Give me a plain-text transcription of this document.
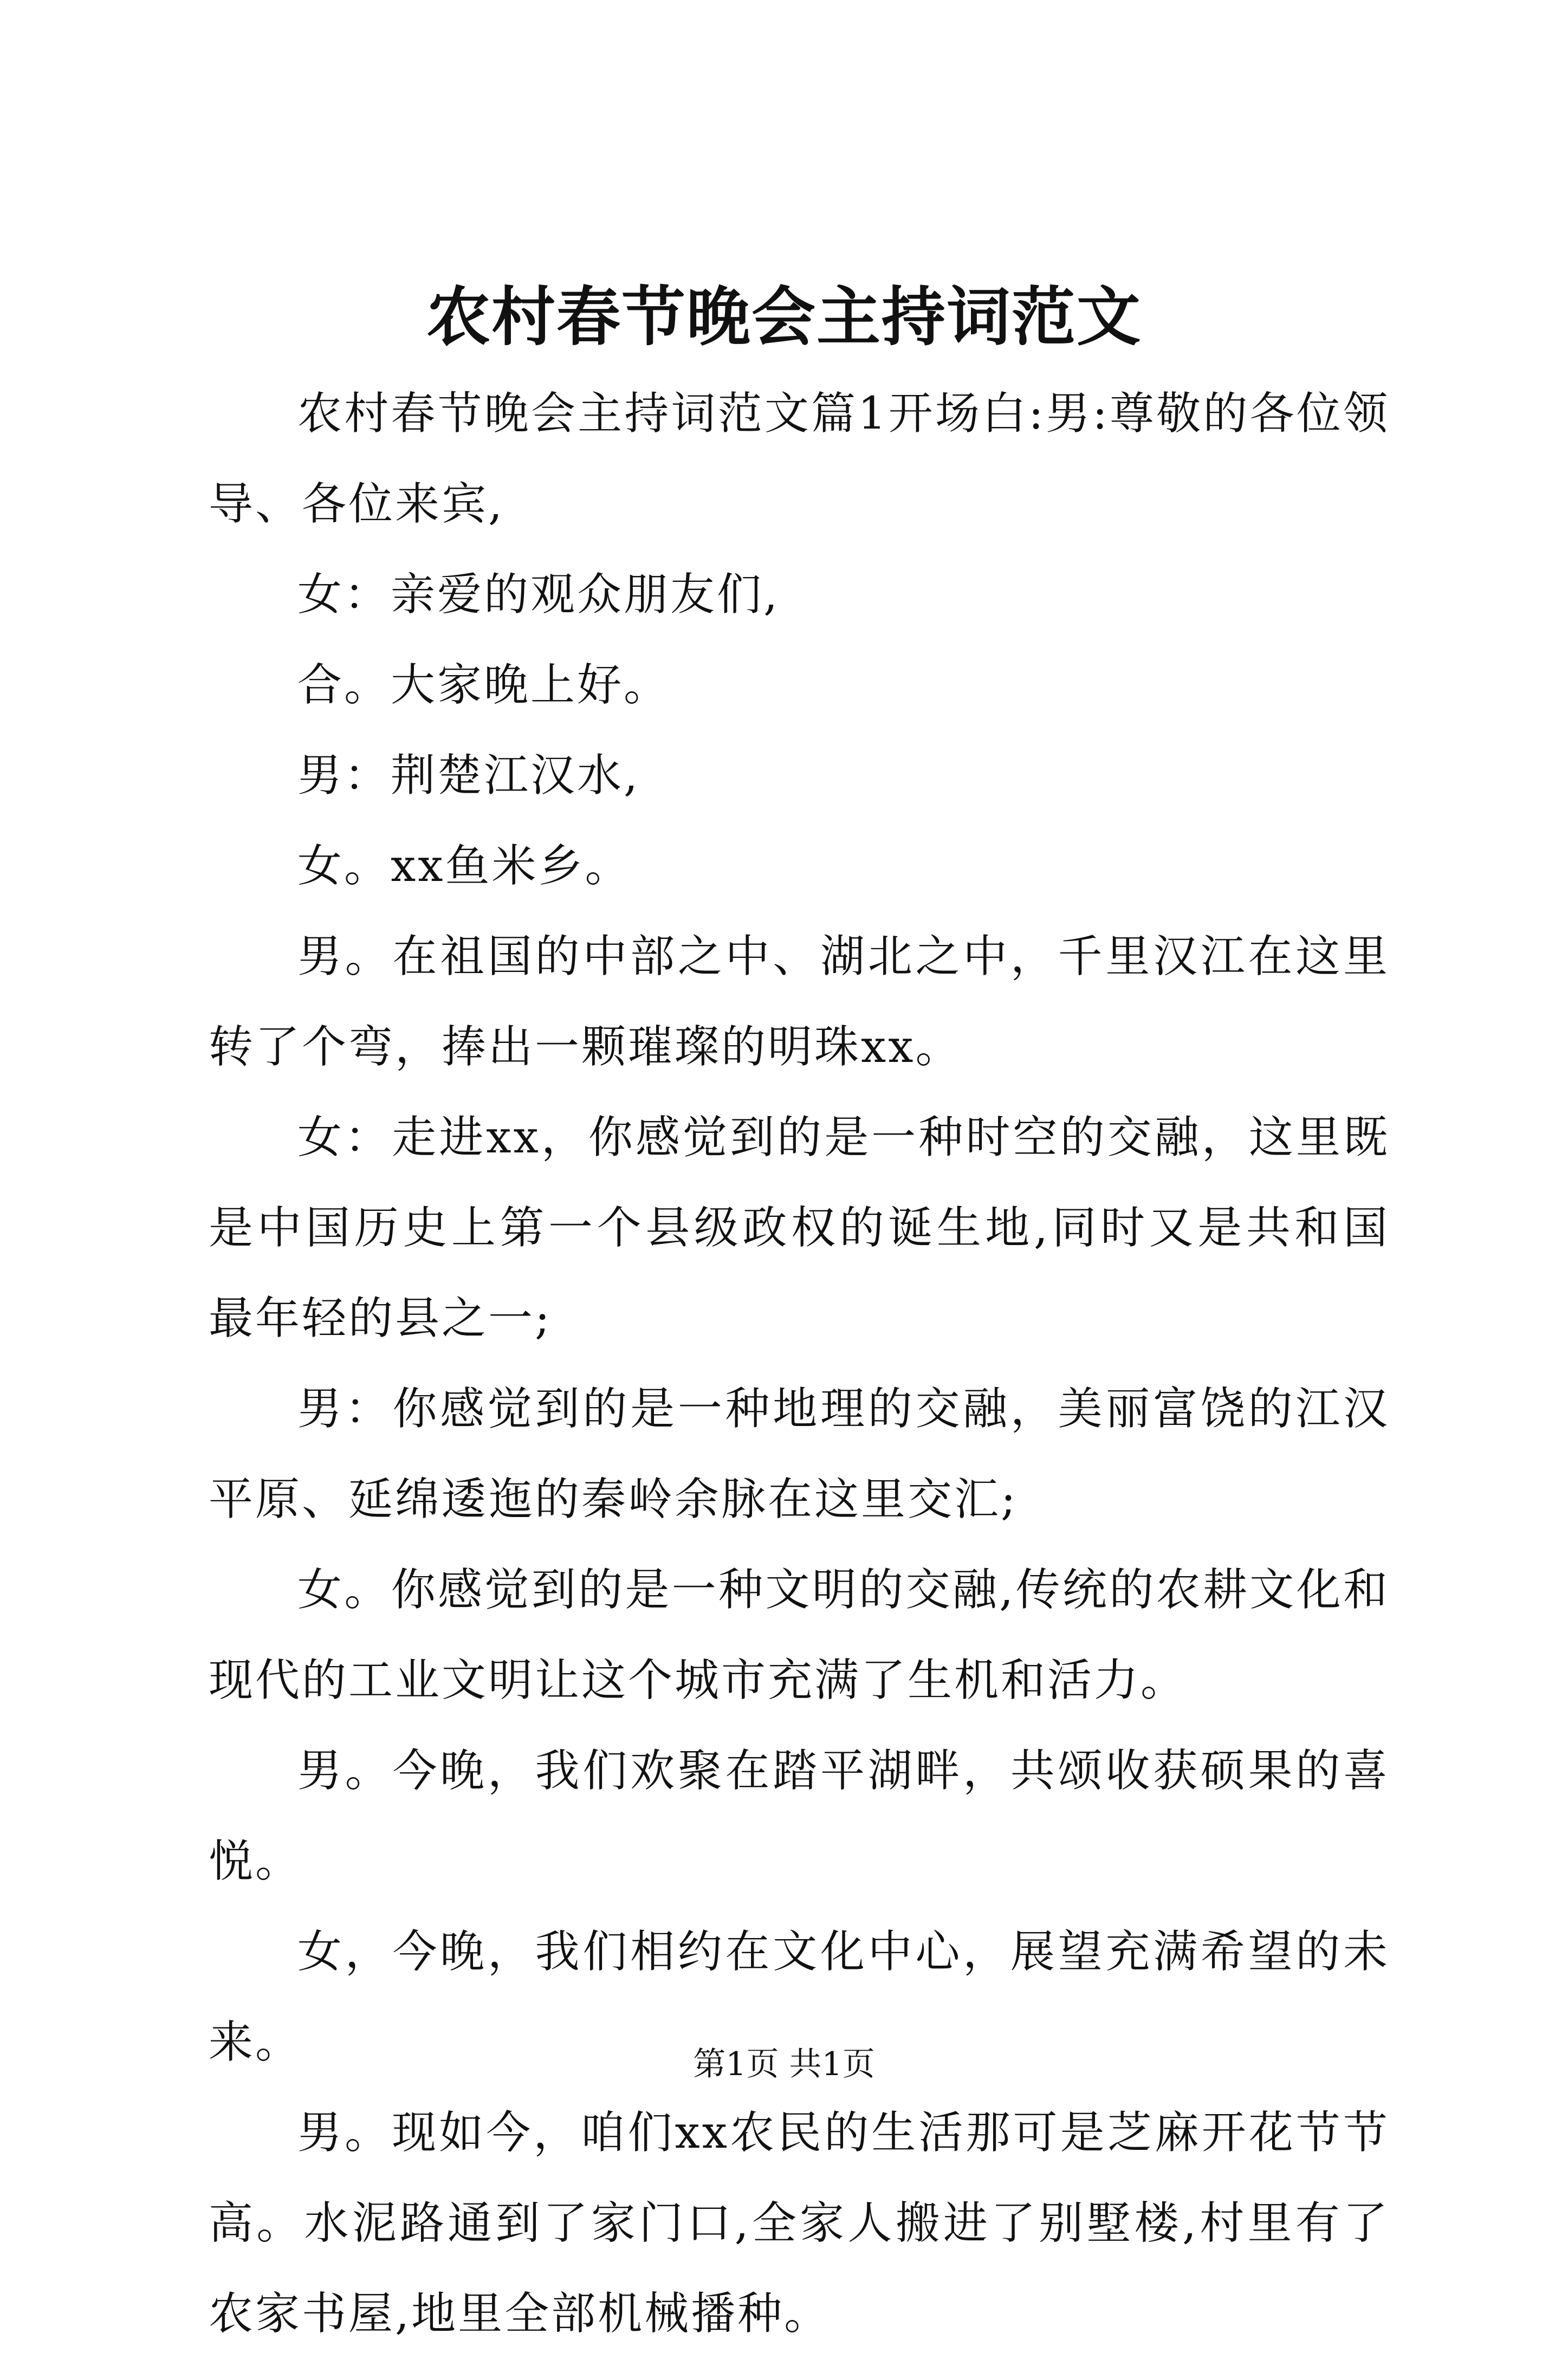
农村春节晚会主持词范文

农村春节晚会主持词范文篇1开场白:男:尊敬的各位领导、各位来宾,

女：亲爱的观众朋友们,

合。大家晚上好。

男：荆楚江汉水,

女。xx鱼米乡。

男。在祖国的中部之中、湖北之中，千里汉江在这里转了个弯，捧出一颗璀璨的明珠xx。

女：走进xx，你感觉到的是一种时空的交融，这里既是中国历史上第一个县级政权的诞生地,同时又是共和国最年轻的县之一;

男：你感觉到的是一种地理的交融，美丽富饶的江汉平原、延绵逶迤的秦岭余脉在这里交汇;

女。你感觉到的是一种文明的交融,传统的农耕文化和现代的工业文明让这个城市充满了生机和活力。

男。今晚，我们欢聚在踏平湖畔，共颂收获硕果的喜悦。

女，今晚，我们相约在文化中心，展望充满希望的未来。

男。现如今，咱们xx农民的生活那可是芝麻开花节节高。水泥路通到了家门口,全家人搬进了别墅楼,村里有了农家书屋,地里全部机械播种。

第1页 共1页
